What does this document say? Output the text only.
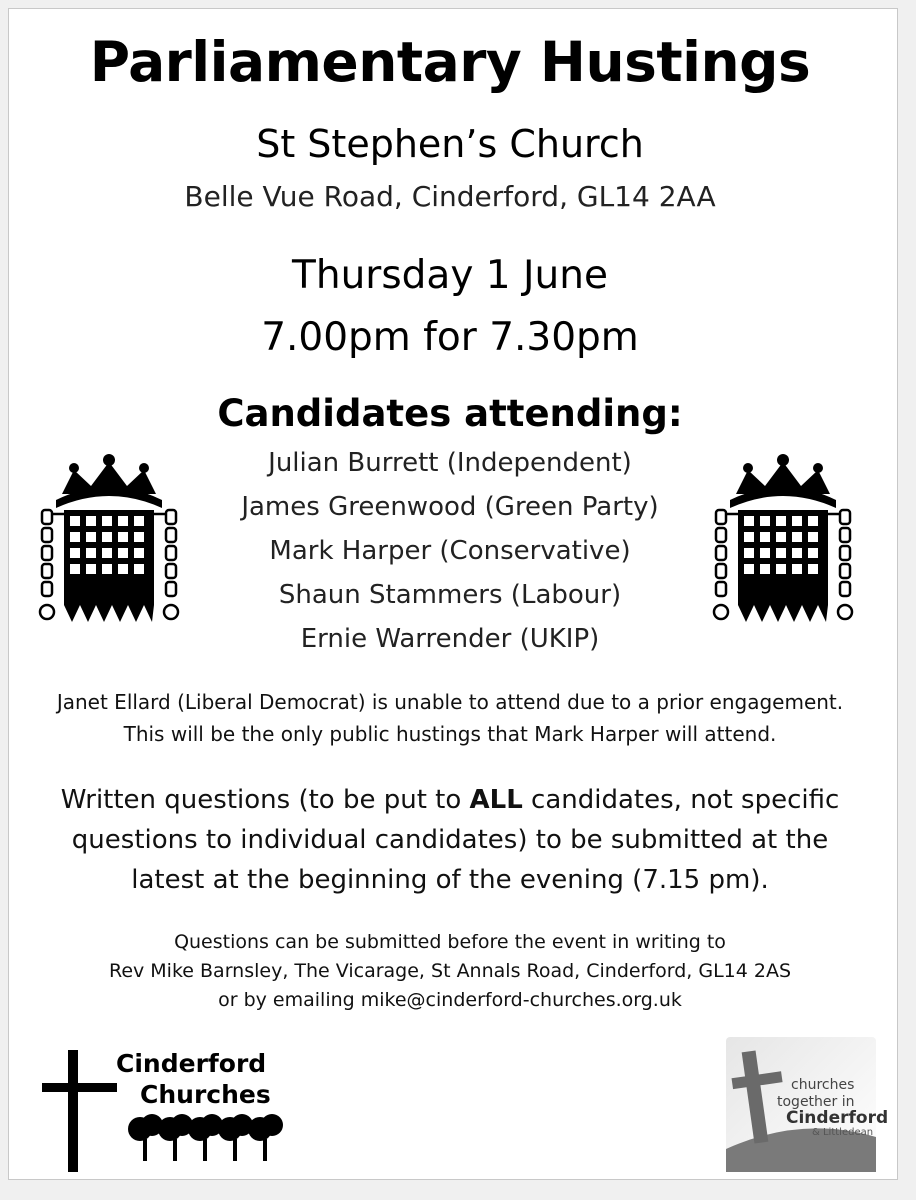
Parliamentary Hustings
St Stephen’s Church
Belle Vue Road, Cinderford, GL14 2AA
Thursday 1 June
7.00pm for 7.30pm
Candidates attending:
Julian Burrett (Independent)
James Greenwood (Green Party)
Mark Harper (Conservative)
Shaun Stammers (Labour)
Ernie Warrender (UKIP)
Janet Ellard (Liberal Democrat) is unable to attend due to a prior engagement.
This will be the only public hustings that Mark Harper will attend.
Written questions (to be put to ALL candidates, not specific
questions to individual candidates) to be submitted at the
latest at the beginning of the evening (7.15 pm).
Questions can be submitted before the event in writing to
Rev Mike Barnsley, The Vicarage, St Annals Road, Cinderford, GL14 2AS
or by emailing mike@cinderford-churches.org.uk
Cinderford
Churches	churches
together in
Cinderford
& Littledean
